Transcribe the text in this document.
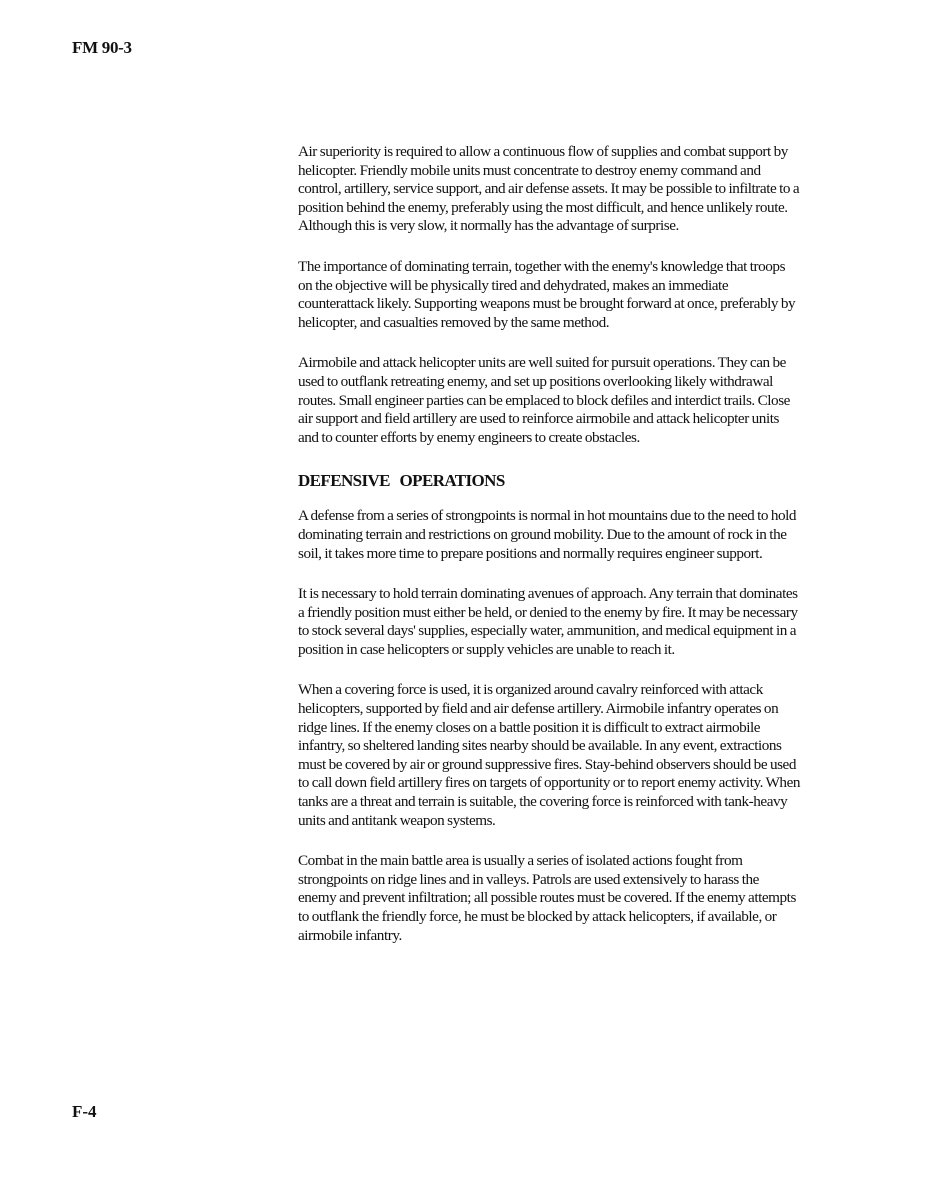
FM 90-3

Air superiority is required to allow a continuous flow of supplies and combat support by helicopter. Friendly mobile units must concentrate to destroy enemy command and control, artillery, service support, and air defense assets. It may be possible to infiltrate to a position behind the enemy, preferably using the most difficult, and hence unlikely route. Although this is very slow, it normally has the advantage of surprise.

The importance of dominating terrain, together with the enemy's knowledge that troops on the objective will be physically tired and dehydrated, makes an immediate counterattack likely. Supporting weapons must be brought forward at once, preferably by helicopter, and casualties removed by the same method.

Airmobile and attack helicopter units are well suited for pursuit operations. They can be used to outflank retreating enemy, and set up positions overlooking likely withdrawal routes. Small engineer parties can be emplaced to block defiles and interdict trails. Close air support and field artillery are used to reinforce airmobile and attack helicopter units and to counter efforts by enemy engineers to create obstacles.

DEFENSIVE OPERATIONS

A defense from a series of strongpoints is normal in hot mountains due to the need to hold dominating terrain and restrictions on ground mobility. Due to the amount of rock in the soil, it takes more time to prepare positions and normally requires engineer support.

It is necessary to hold terrain dominating avenues of approach. Any terrain that dominates a friendly position must either be held, or denied to the enemy by fire. It may be necessary to stock several days' supplies, especially water, ammunition, and medical equipment in a position in case helicopters or supply vehicles are unable to reach it.

When a covering force is used, it is organized around cavalry reinforced with attack helicopters, supported by field and air defense artillery. Airmobile infantry operates on ridge lines. If the enemy closes on a battle position it is difficult to extract airmobile infantry, so sheltered landing sites nearby should be available. In any event, extractions must be covered by air or ground suppressive fires. Stay-behind observers should be used to call down field artillery fires on targets of opportunity or to report enemy activity. When tanks are a threat and terrain is suitable, the covering force is reinforced with tank-heavy units and antitank weapon systems.

Combat in the main battle area is usually a series of isolated actions fought from strongpoints on ridge lines and in valleys. Patrols are used extensively to harass the enemy and prevent infiltration; all possible routes must be covered. If the enemy attempts to outflank the friendly force, he must be blocked by attack helicopters, if available, or airmobile infantry.

F-4
